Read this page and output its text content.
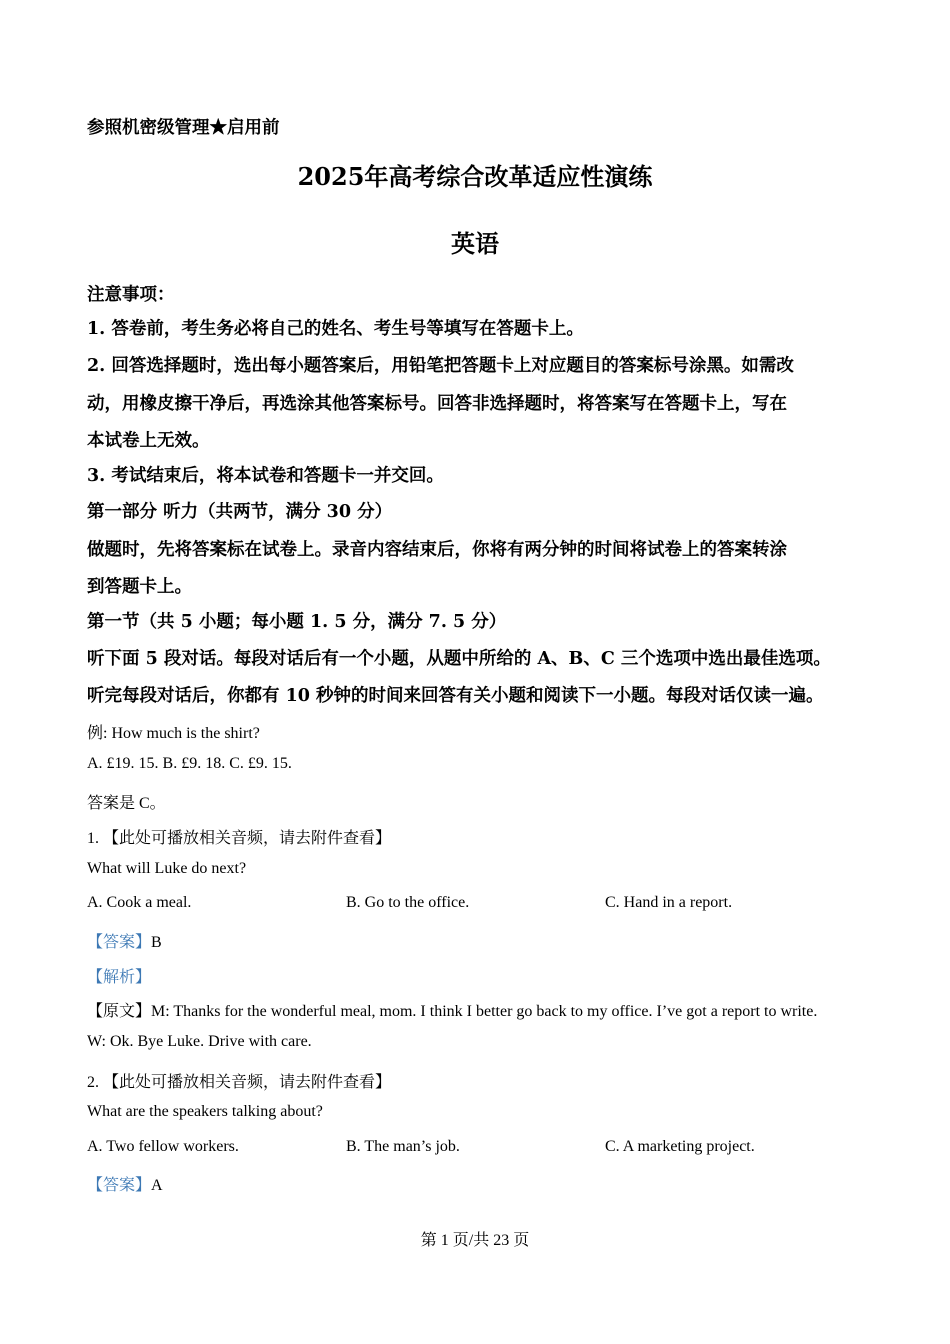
参照机密级管理★启用前
2025年高考综合改革适应性演练
英语
注意事项：
1. 答卷前，考生务必将自己的姓名、考生号等填写在答题卡上。
2. 回答选择题时，选出每小题答案后，用铅笔把答题卡上对应题目的答案标号涂黑。如需改
动，用橡皮擦干净后，再选涂其他答案标号。回答非选择题时，将答案写在答题卡上，写在
本试卷上无效。
3. 考试结束后，将本试卷和答题卡一并交回。
第一部分 听力（共两节，满分 30 分）
做题时，先将答案标在试卷上。录音内容结束后，你将有两分钟的时间将试卷上的答案转涂
到答题卡上。
第一节（共 5 小题；每小题 1. 5 分，满分 7. 5 分）
听下面 5 段对话。每段对话后有一个小题，从题中所给的 A、B、C 三个选项中选出最佳选项。
听完每段对话后，你都有 10 秒钟的时间来回答有关小题和阅读下一小题。每段对话仅读一遍。
例: How much is the shirt?
A. £19. 15. B. £9. 18. C. £9. 15.
答案是 C。
1. 【此处可播放相关音频，请去附件查看】
What will Luke do next?
A. Cook a meal.	B. Go to the office.	C. Hand in a report.
【答案】B
【解析】
【原文】M: Thanks for the wonderful meal, mom. I think I better go back to my office. I’ve got a report to write.
W: Ok. Bye Luke. Drive with care.
2. 【此处可播放相关音频，请去附件查看】
What are the speakers talking about?
A. Two fellow workers.	B. The man’s job.	C. A marketing project.
【答案】A
第 1 页/共 23 页
